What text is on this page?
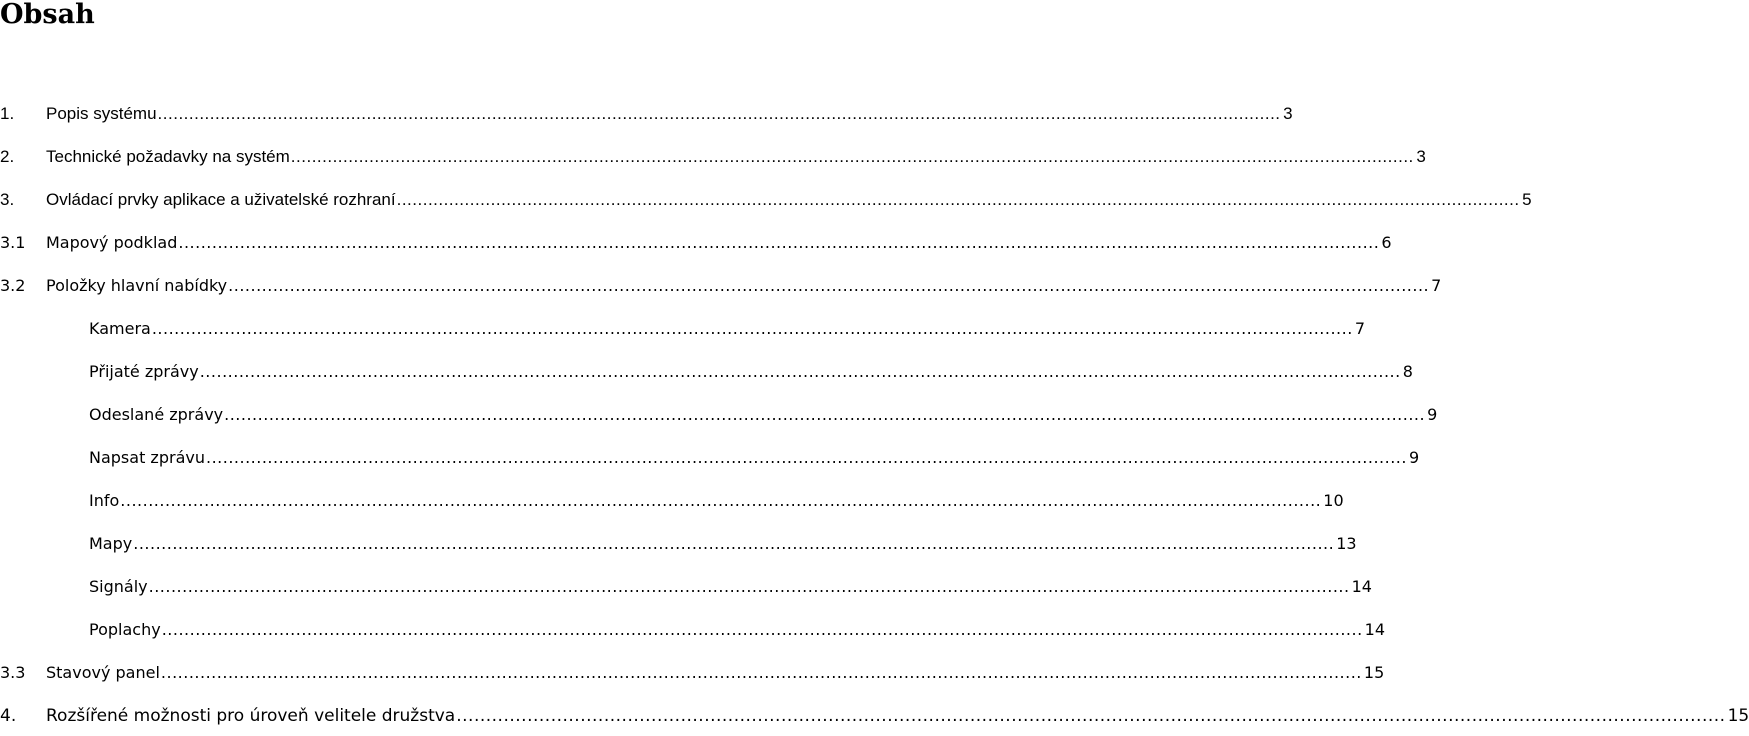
Obsah
1.	Popis systému ....................................................................................................................................................................................................................... 3
2.	Technické požadavky na systém ....................................................................................................................................................................................................................... 3
3.	Ovládací prvky aplikace a uživatelské rozhraní ....................................................................................................................................................................................................................... 5
3.1	Mapový podklad ....................................................................................................................................................................................................................... 6
3.2	Položky hlavní nabídky ....................................................................................................................................................................................................................... 7
Kamera ....................................................................................................................................................................................................................... 7
Přijaté zprávy ....................................................................................................................................................................................................................... 8
Odeslané zprávy ....................................................................................................................................................................................................................... 9
Napsat zprávu ....................................................................................................................................................................................................................... 9
Info ....................................................................................................................................................................................................................... 10
Mapy ....................................................................................................................................................................................................................... 13
Signály ....................................................................................................................................................................................................................... 14
Poplachy ....................................................................................................................................................................................................................... 14
3.3	Stavový panel ....................................................................................................................................................................................................................... 15
4.	Rozšířené možnosti pro úroveň velitele družstva ....................................................................................................................................................................................................................... 15
